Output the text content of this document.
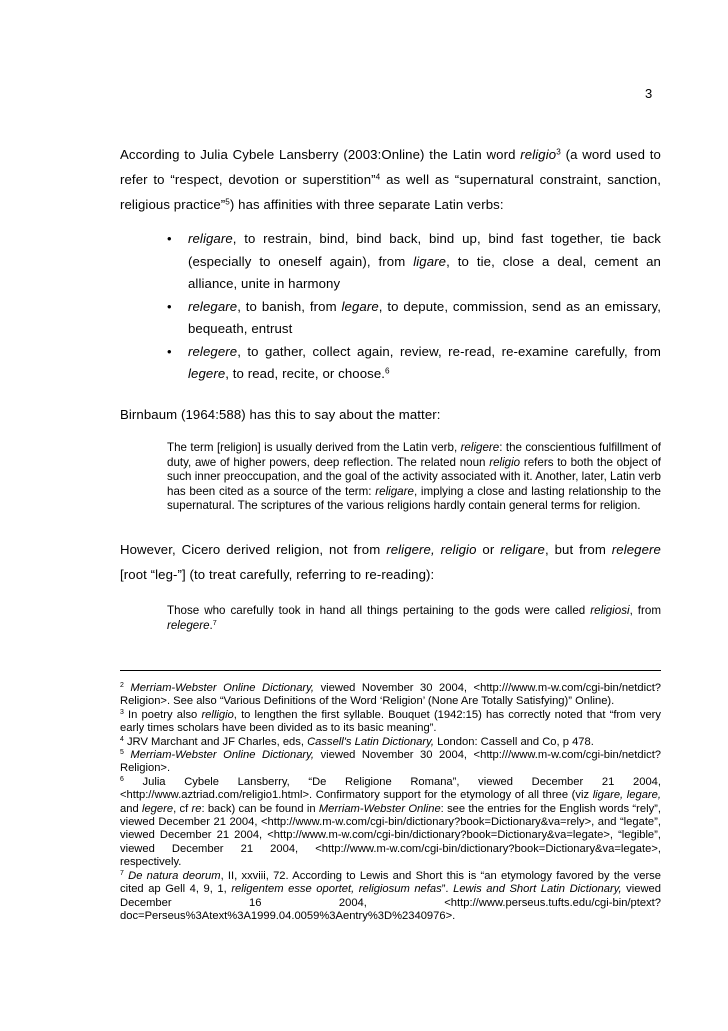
3

According to Julia Cybele Lansberry (2003:Online) the Latin word religio$^3$ (a word used to refer to “respect, devotion or superstition”$^4$ as well as “supernatural constraint, sanction, religious practice”$^5$) has affinities with three separate Latin verbs:

• religare, to restrain, bind, bind back, bind up, bind fast together, tie back (especially to oneself again), from ligare, to tie, close a deal, cement an alliance, unite in harmony
• relegare, to banish, from legare, to depute, commission, send as an emissary, bequeath, entrust
• relegere, to gather, collect again, review, re-read, re-examine carefully, from legere, to read, recite, or choose.$^6$

Birnbaum (1964:588) has this to say about the matter:

The term [religion] is usually derived from the Latin verb, religere: the conscientious fulfillment of duty, awe of higher powers, deep reflection. The related noun religio refers to both the object of such inner preoccupation, and the goal of the activity associated with it. Another, later, Latin verb has been cited as a source of the term: religare, implying a close and lasting relationship to the supernatural. The scriptures of the various religions hardly contain general terms for religion.

However, Cicero derived religion, not from religere, religio or religare, but from relegere [root “leg-”] (to treat carefully, referring to re-reading):

Those who carefully took in hand all things pertaining to the gods were called religiosi, from relegere.$^7$

$^2$ Merriam-Webster Online Dictionary, viewed November 30 2004, <http:///www.m-w.com/cgi-bin/netdict?Religion>. See also “Various Definitions of the Word ‘Religion’ (None Are Totally Satisfying)” Online).

$^3$ In poetry also relligio, to lengthen the first syllable. Bouquet (1942:15) has correctly noted that “from very early times scholars have been divided as to its basic meaning”.

$^4$ JRV Marchant and JF Charles, eds, Cassell's Latin Dictionary, London: Cassell and Co, p 478.

$^5$ Merriam-Webster Online Dictionary, viewed November 30 2004, <http:///www.m-w.com/cgi-bin/netdict?Religion>.

$^6$ Julia Cybele Lansberry, “De Religione Romana”, viewed December 21 2004, <http://www.aztriad.com/religio1.html>. Confirmatory support for the etymology of all three (viz ligare, legare, and legere, cf re: back) can be found in Merriam-Webster Online: see the entries for the English words “rely”, viewed December 21 2004, <http://www.m-w.com/cgi-bin/dictionary?book=Dictionary&va=rely>, and “legate”, viewed December 21 2004, <http://www.m-w.com/cgi-bin/dictionary?book=Dictionary&va=legate>, “legible”, viewed December 21 2004, <http://www.m-w.com/cgi-bin/dictionary?book=Dictionary&va=legate>, respectively.

$^7$ De natura deorum, II, xxviii, 72. According to Lewis and Short this is “an etymology favored by the verse cited ap Gell 4, 9, 1, religentem esse oportet, religiosum nefas”. Lewis and Short Latin Dictionary, viewed December 16 2004, <http://www.perseus.tufts.edu/cgi-bin/ptext?doc=Perseus%3Atext%3A1999.04.0059%3Aentry%3D%2340976>.
